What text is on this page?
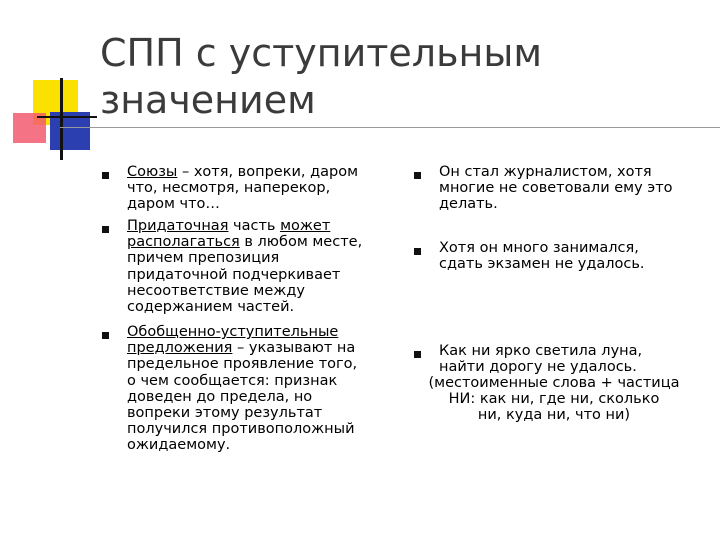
СПП с уступительным
значением
Союзы – хотя, вопреки, даром
что, несмотря, наперекор,
даром что…
Придаточная часть может
располагаться в любом месте,
причем препозиция
придаточной подчеркивает
несоответствие между
содержанием частей.
Обобщенно-уступительные
предложения – указывают на
предельное проявление того,
о чем сообщается: признак
доведен до предела, но
вопреки этому результат
получился противоположный
ожидаемому.
Он стал журналистом, хотя
многие не советовали ему это
делать.
Хотя он много занимался,
сдать экзамен не удалось.
Как ни ярко светила луна,
найти дорогу не удалось.
(местоименные слова + частица
НИ: как ни, где ни, сколько
ни, куда ни, что ни)
